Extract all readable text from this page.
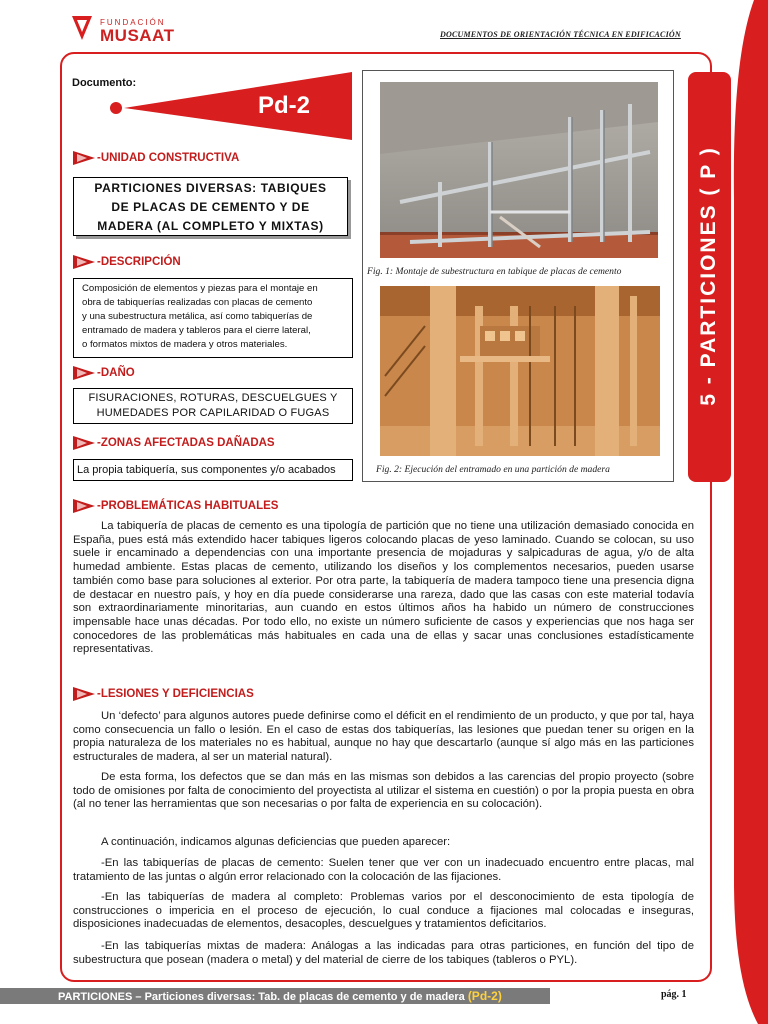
FUNDACIÓN
MUSAAT	DOCUMENTOS DE ORIENTACIÓN TÉCNICA EN EDIFICACIÓN
Documento:
Pd-2
-UNIDAD CONSTRUCTIVA
PARTICIONES DIVERSAS: TABIQUES
DE PLACAS DE CEMENTO Y DE
MADERA (AL COMPLETO Y MIXTAS)
-DESCRIPCIÓN
Composición de elementos y piezas para el montaje en
obra de tabiquerías realizadas con placas de cemento
y una subestructura metálica, así como tabiquerías de
entramado de madera y tableros para el cierre lateral,
o formatos mixtos de madera y otros materiales.
-DAÑO
FISURACIONES, ROTURAS, DESCUELGUES Y
HUMEDADES POR CAPILARIDAD O FUGAS
-ZONAS AFECTADAS DAÑADAS
La propia tabiquería, sus componentes y/o acabados
Fig. 1: Montaje de subestructura en tabique de placas de cemento
Fig. 2: Ejecución del entramado en una partición de madera
5 - PARTICIONES ( P )
-PROBLEMÁTICAS HABITUALES

La tabiquería de placas de cemento es una tipología de partición que no tiene una utilización demasiado conocida en España, pues está más extendido hacer tabiques ligeros colocando placas de yeso laminado. Cuando se colocan, su uso suele ir encaminado a dependencias con una importante presencia de mojaduras y salpicaduras de agua, y/o de alta humedad ambiente. Estas placas de cemento, utilizando los diseños y los complementos necesarios, pueden usarse también como base para soluciones al exterior. Por otra parte, la tabiquería de madera tampoco tiene una presencia digna de destacar en nuestro país, y hoy en día puede considerarse una rareza, dado que las casas con este material todavía son extraordinariamente minoritarias, aun cuando en estos últimos años ha habido un número de construcciones impensable hace unas décadas. Por todo ello, no existe un número suficiente de casos y experiencias que nos haga ser conocedores de las problemáticas más habituales en cada una de ellas y sacar unas conclusiones estadísticamente representativas.

-LESIONES Y DEFICIENCIAS

Un ‘defecto’ para algunos autores puede definirse como el déficit en el rendimiento de un producto, y que por tal, haya como consecuencia un fallo o lesión. En el caso de estas dos tabiquerías, las lesiones que puedan tener su origen en la propia naturaleza de los materiales no es habitual, aunque no hay que descartarlo (aunque sí algo más en las particiones estructurales de madera, al ser un material natural).

De esta forma, los defectos que se dan más en las mismas son debidos a las carencias del propio proyecto (sobre todo de omisiones por falta de conocimiento del proyectista al utilizar el sistema en cuestión) o por la propia puesta en obra (al no tener las herramientas que son necesarias o por falta de experiencia en su colocación).

A continuación, indicamos algunas deficiencias que pueden aparecer:

-En las tabiquerías de placas de cemento: Suelen tener que ver con un inadecuado encuentro entre placas, mal tratamiento de las juntas o algún error relacionado con la colocación de las fijaciones.

-En las tabiquerías de madera al completo: Problemas varios por el desconocimiento de esta tipología de construcciones o impericia en el proceso de ejecución, lo cual conduce a fijaciones mal colocadas e inseguras, disposiciones inadecuadas de elementos, desacoples, descuelgues y tratamientos deficitarios.

-En las tabiquerías mixtas de madera: Análogas a las indicadas para otras particiones, en función del tipo de subestructura que posean (madera o metal) y del material de cierre de los tabiques (tableros o PYL).

PARTICIONES – Particiones diversas: Tab. de placas de cemento y de madera (Pd-2)	pág. 1
